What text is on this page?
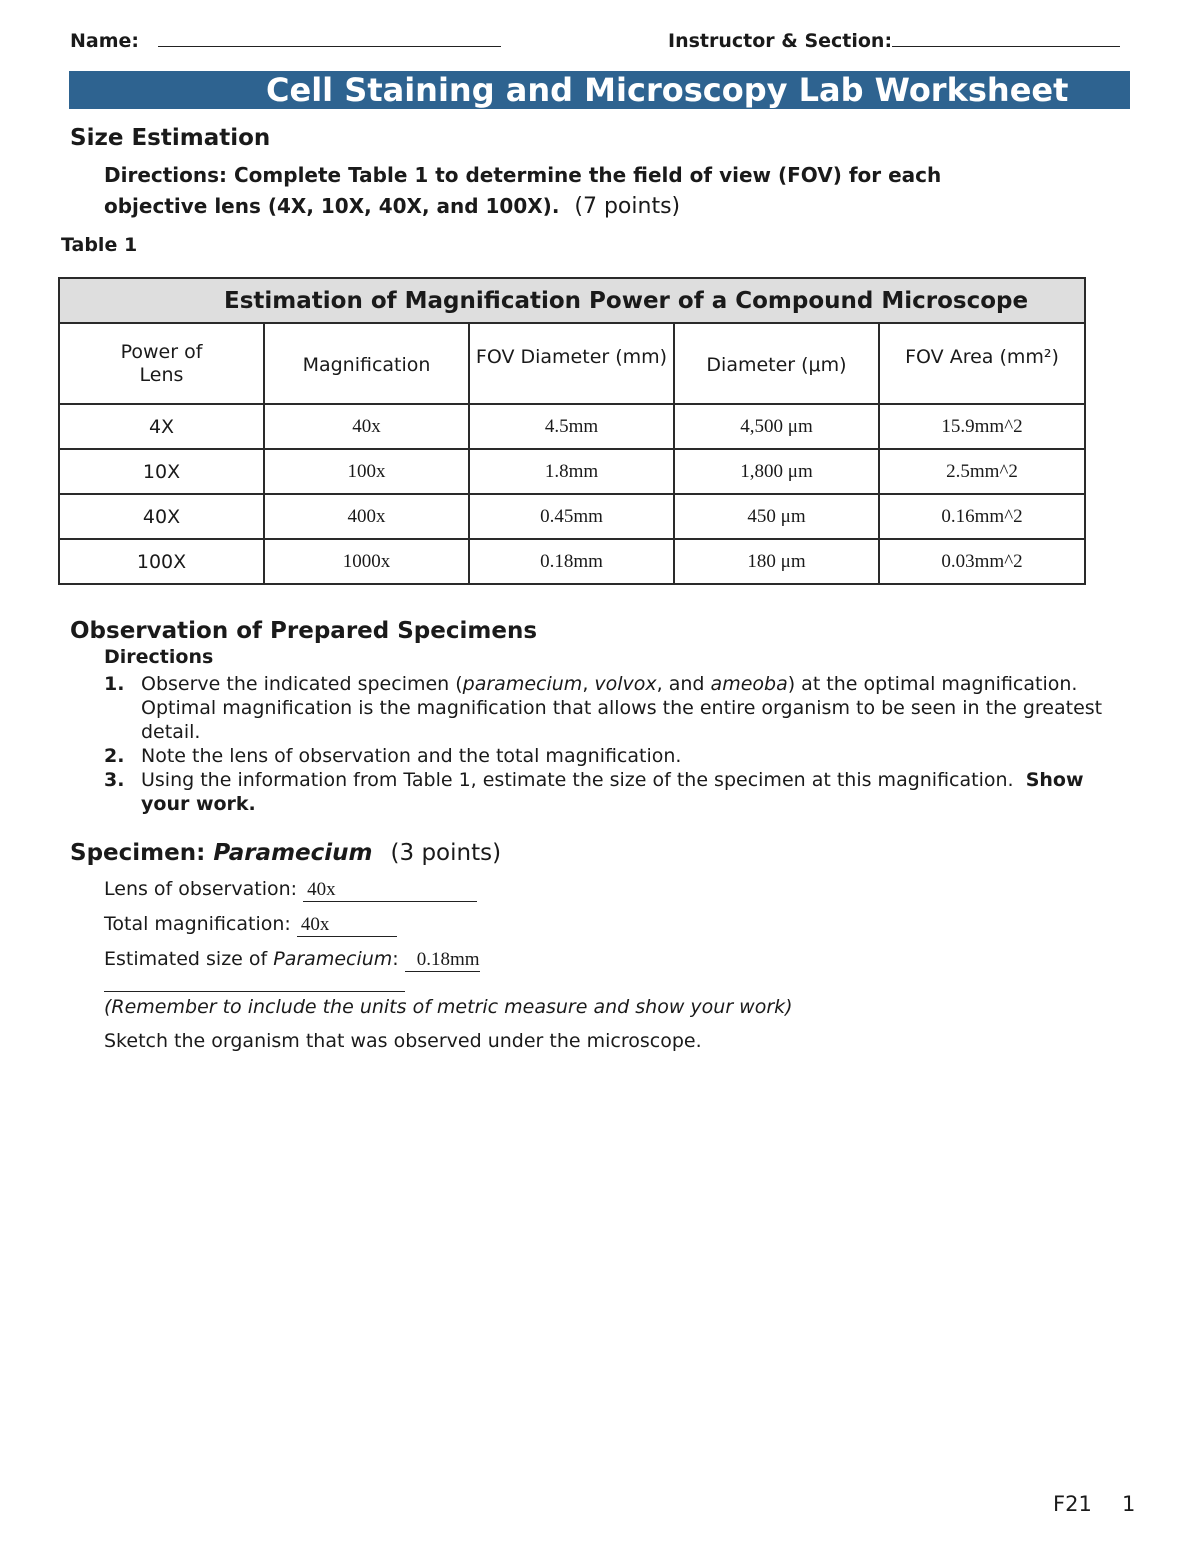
Name:	Instructor & Section:
Cell Staining and Microscopy Lab Worksheet
Size Estimation
Directions: Complete Table 1 to determine the field of view (FOV) for each
objective lens (4X, 10X, 40X, and 100X). (7 points)
Table 1
Estimation of Magnification Power of a Compound Microscope				
Power of
Lens	Magnification	FOV Diameter (mm)	Diameter (μm)	FOV Area (mm²)
4X	40x	4.5mm	4,500 μm	15.9mm^2
10X	100x	1.8mm	1,800 μm	2.5mm^2
40X	400x	0.45mm	450 μm	0.16mm^2
100X	1000x	0.18mm	180 μm	0.03mm^2
Observation of Prepared Specimens
Directions
1. Observe the indicated specimen (paramecium, volvox, and ameoba) at the optimal magnification. Optimal magnification is the magnification that allows the entire organism to be seen in the greatest detail.
2. Note the lens of observation and the total magnification.
3. Using the information from Table 1, estimate the size of the specimen at this magnification. Show your work.
Specimen: Paramecium (3 points)
Lens of observation: 40x
Total magnification: 40x
Estimated size of Paramecium: 0.18mm
(Remember to include the units of metric measure and show your work)
Sketch the organism that was observed under the microscope.
F21 1
